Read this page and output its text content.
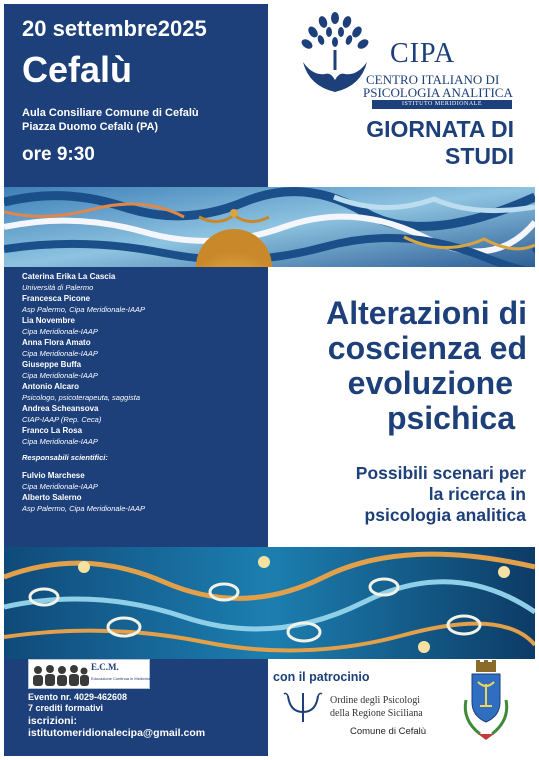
20 settembre2025
Cefalù
Aula Consiliare Comune di Cefalù
Piazza Duomo Cefalù (PA)
ore 9:30
CIPA
CENTRO ITALIANO DI
PSICOLOGIA ANALITICA
ISTITUTO MERIDIONALE
GIORNATA DI
STUDI
Caterina Erika La Cascia
Università di Palermo
Francesca Picone
Asp Palermo, Cipa Meridionale-IAAP
Lia Novembre
Cipa Meridionale-IAAP
Anna Flora Amato
Cipa Meridionale-IAAP
Giuseppe Buffa
Cipa Meridionale-IAAP
Antonio Alcaro
Psicologo, psicoterapeuta, saggista
Andrea Scheansova
CIAP-IAAP (Rep. Ceca)
Franco La Rosa
Cipa Meridionale-IAAP
Responsabili scientifici:
Fulvio Marchese
Cipa Meridionale-IAAP
Alberto Salerno
Asp Palermo, Cipa Meridionale-IAAP
Alterazioni di
coscienza ed
evoluzione
psichica
Possibili scenari per
la ricerca in
psicologia analitica
E.C.M.
Educazione Continua in Medicina
Evento nr. 4029-462608
7 crediti formativi
iscrizioni:
istitutomeridionalecipa@gmail.com
con il patrocinio
Ordine degli Psicologi
della Regione Siciliana
Comune di Cefalù
